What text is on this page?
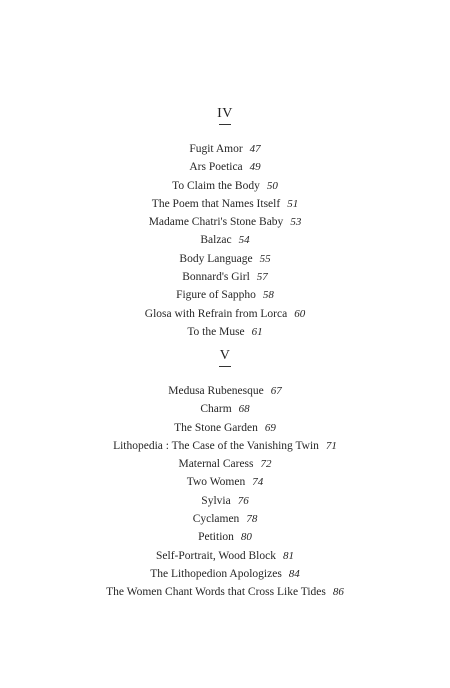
IV
Fugit Amor 47
Ars Poetica 49
To Claim the Body 50
The Poem that Names Itself 51
Madame Chatri's Stone Baby 53
Balzac 54
Body Language 55
Bonnard's Girl 57
Figure of Sappho 58
Glosa with Refrain from Lorca 60
To the Muse 61
V
Medusa Rubenesque 67
Charm 68
The Stone Garden 69
Lithopedia : The Case of the Vanishing Twin 71
Maternal Caress 72
Two Women 74
Sylvia 76
Cyclamen 78
Petition 80
Self-Portrait, Wood Block 81
The Lithopedion Apologizes 84
The Women Chant Words that Cross Like Tides 86
